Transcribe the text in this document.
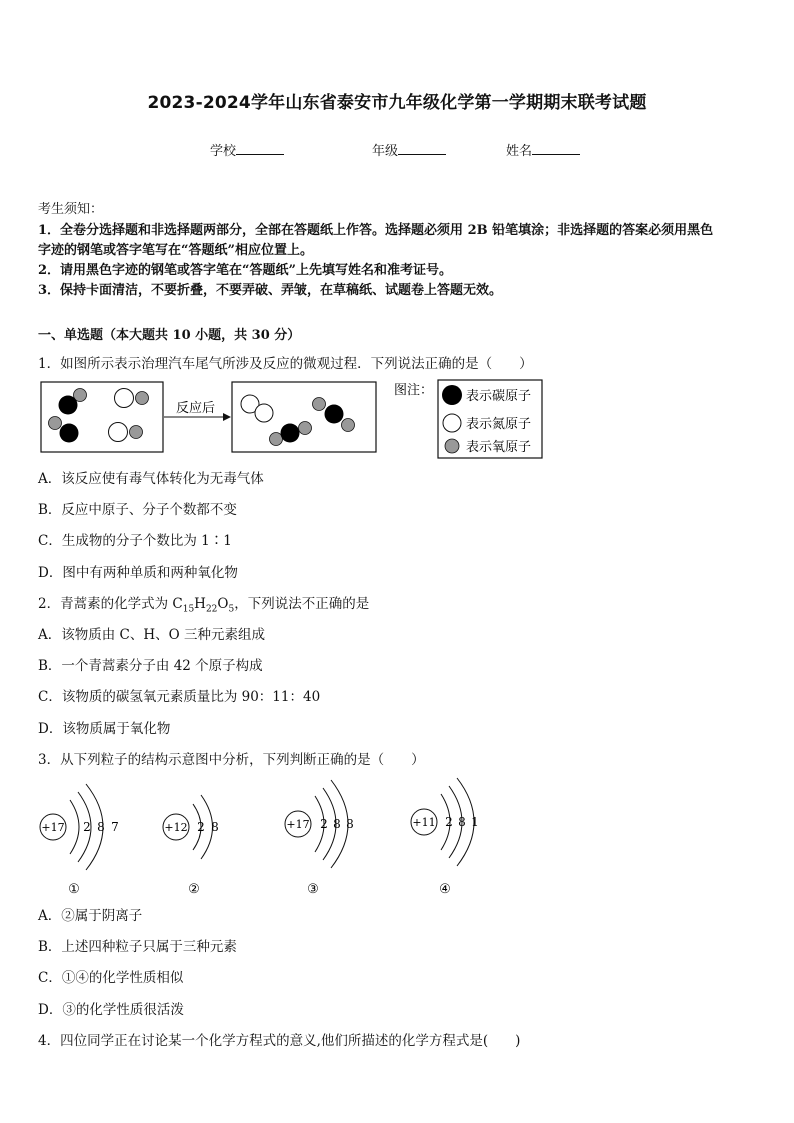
2023-2024学年山东省泰安市九年级化学第一学期期末联考试题
学校	年级	姓名
考生须知：
1．全卷分选择题和非选择题两部分，全部在答题纸上作答。选择题必须用 2B 铅笔填涂；非选择题的答案必须用黑色
字迹的钢笔或答字笔写在“答题纸”相应位置上。
2．请用黑色字迹的钢笔或答字笔在“答题纸”上先填写姓名和准考证号。
3．保持卡面清洁，不要折叠，不要弄破、弄皱，在草稿纸、试题卷上答题无效。
一、单选题（本大题共 10 小题，共 30 分）
1．如图所示表示治理汽车尾气所涉及反应的微观过程．下列说法正确的是（　　）
反应后
图注：	表示碳原子
表示氮原子
表示氧原子
A．该反应使有毒气体转化为无毒气体
B．反应中原子、分子个数都不变
C．生成物的分子个数比为 1∶1
D．图中有两种单质和两种氧化物
2．青蒿素的化学式为 $C_{15}H_{22}O_5$，下列说法不正确的是
A．该物质由 C、H、O 三种元素组成
B．一个青蒿素分子由 42 个原子构成
C．该物质的碳氢氧元素质量比为 90：11：40
D．该物质属于氧化物
3．从下列粒子的结构示意图中分析，下列判断正确的是（　　）
+17 2 8 7
①
+12 2 8
②
+17 2 8 8
③
+11 2 8 1
④
A．②属于阴离子
B．上述四种粒子只属于三种元素
C．①④的化学性质相似
D．③的化学性质很活泼
4．四位同学正在讨论某一个化学方程式的意义,他们所描述的化学方程式是(　　)
